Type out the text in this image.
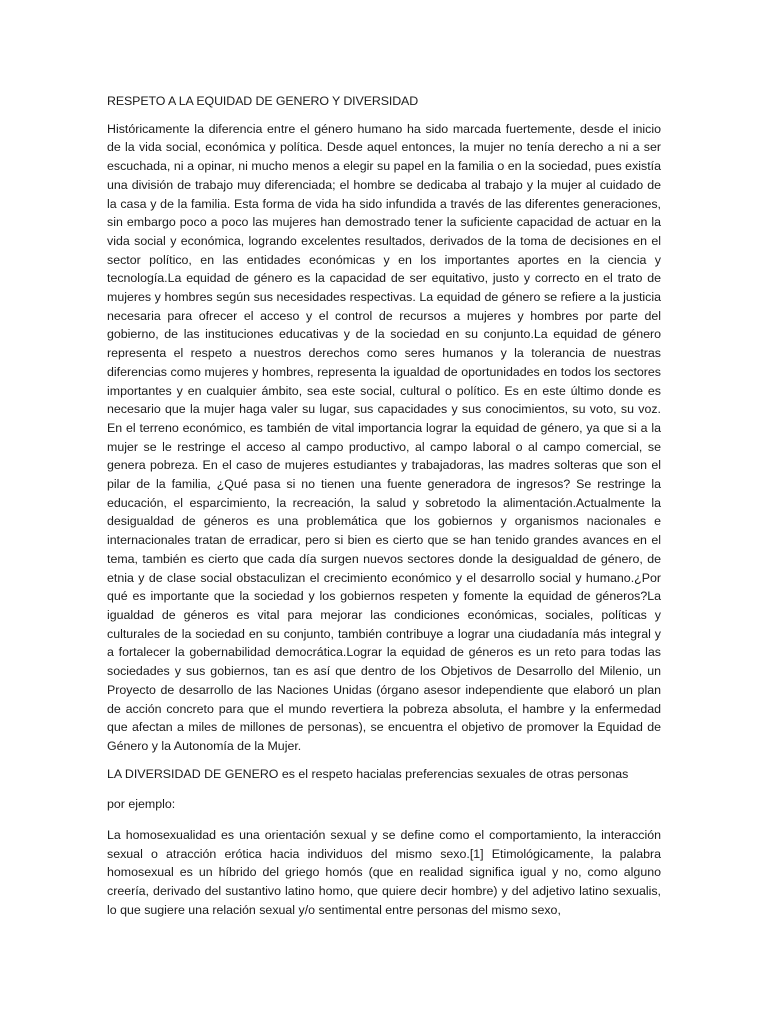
RESPETO A LA EQUIDAD DE GENERO Y DIVERSIDAD

Históricamente la diferencia entre el género humano ha sido marcada fuertemente, desde el inicio de la vida social, económica y política. Desde aquel entonces, la mujer no tenía derecho a ni a ser escuchada, ni a opinar, ni mucho menos a elegir su papel en la familia o en la sociedad, pues existía una división de trabajo muy diferenciada; el hombre se dedicaba al trabajo y la mujer al cuidado de la casa y de la familia. Esta forma de vida ha sido infundida a través de las diferentes generaciones, sin embargo poco a poco las mujeres han demostrado tener la suficiente capacidad de actuar en la vida social y económica, logrando excelentes resultados, derivados de la toma de decisiones en el sector político, en las entidades económicas y en los importantes aportes en la ciencia y tecnología.La equidad de género es la capacidad de ser equitativo, justo y correcto en el trato de mujeres y hombres según sus necesidades respectivas. La equidad de género se refiere a la justicia necesaria para ofrecer el acceso y el control de recursos a mujeres y hombres por parte del gobierno, de las instituciones educativas y de la sociedad en su conjunto.La equidad de género representa el respeto a nuestros derechos como seres humanos y la tolerancia de nuestras diferencias como mujeres y hombres, representa la igualdad de oportunidades en todos los sectores importantes y en cualquier ámbito, sea este social, cultural o político. Es en este último donde es necesario que la mujer haga valer su lugar, sus capacidades y sus conocimientos, su voto, su voz. En el terreno económico, es también de vital importancia lograr la equidad de género, ya que si a la mujer se le restringe el acceso al campo productivo, al campo laboral o al campo comercial, se genera pobreza. En el caso de mujeres estudiantes y trabajadoras, las madres solteras que son el pilar de la familia, ¿Qué pasa si no tienen una fuente generadora de ingresos? Se restringe la educación, el esparcimiento, la recreación, la salud y sobretodo la alimentación.Actualmente la desigualdad de géneros es una problemática que los gobiernos y organismos nacionales e internacionales tratan de erradicar, pero si bien es cierto que se han tenido grandes avances en el tema, también es cierto que cada día surgen nuevos sectores donde la desigualdad de género, de etnia y de clase social obstaculizan el crecimiento económico y el desarrollo social y humano.¿Por qué es importante que la sociedad y los gobiernos respeten y fomente la equidad de géneros?La igualdad de géneros es vital para mejorar las condiciones económicas, sociales, políticas y culturales de la sociedad en su conjunto, también contribuye a lograr una ciudadanía más integral y a fortalecer la gobernabilidad democrática.Lograr la equidad de géneros es un reto para todas las sociedades y sus gobiernos, tan es así que dentro de los Objetivos de Desarrollo del Milenio, un Proyecto de desarrollo de las Naciones Unidas (órgano asesor independiente que elaboró un plan de acción concreto para que el mundo revertiera la pobreza absoluta, el hambre y la enfermedad que afectan a miles de millones de personas), se encuentra el objetivo de promover la Equidad de Género y la Autonomía de la Mujer.

LA DIVERSIDAD DE GENERO es el respeto hacialas preferencias sexuales de otras personas

por ejemplo:

La homosexualidad es una orientación sexual y se define como el comportamiento, la interacción sexual o atracción erótica hacia individuos del mismo sexo.[1] Etimológicamente, la palabra homosexual es un híbrido del griego homós (que en realidad significa igual y no, como alguno creería, derivado del sustantivo latino homo, que quiere decir hombre) y del adjetivo latino sexualis, lo que sugiere una relación sexual y/o sentimental entre personas del mismo sexo,
